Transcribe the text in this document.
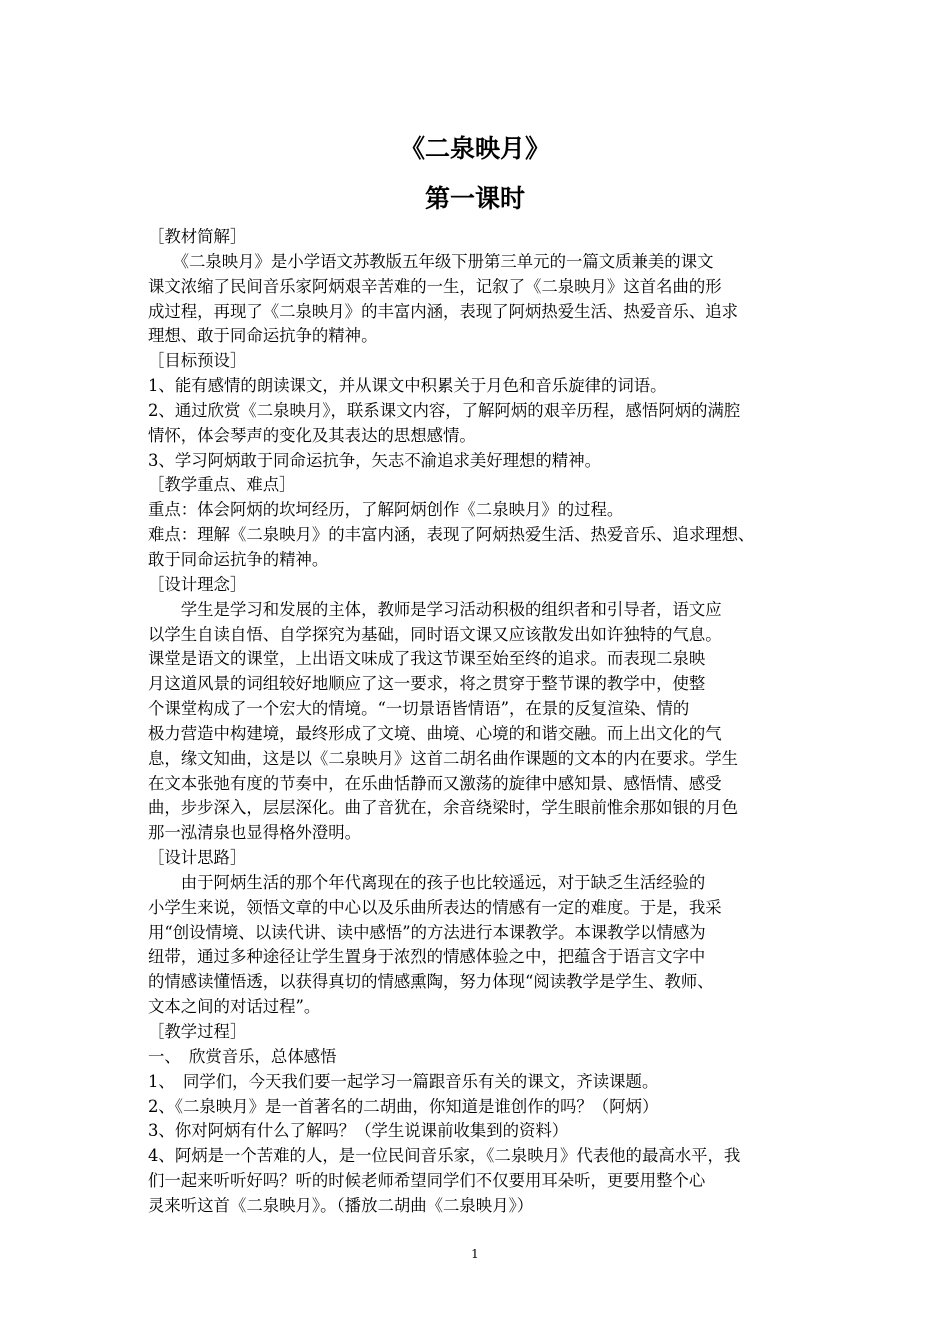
《二泉映月》
第一课时
［教材简解］
　　《二泉映月》是小学语文苏教版五年级下册第三单元的一篇文质兼美的课文
课文浓缩了民间音乐家阿炳艰辛苦难的一生，记叙了《二泉映月》这首名曲的形
成过程，再现了《二泉映月》的丰富内涵，表现了阿炳热爱生活、热爱音乐、追求
理想、敢于同命运抗争的精神。
［目标预设］
1、能有感情的朗读课文，并从课文中积累关于月色和音乐旋律的词语。
2、通过欣赏《二泉映月》，联系课文内容，了解阿炳的艰辛历程，感悟阿炳的满腔
情怀，体会琴声的变化及其表达的思想感情。
3、学习阿炳敢于同命运抗争，矢志不渝追求美好理想的精神。
［教学重点、难点］
重点：体会阿炳的坎坷经历，了解阿炳创作《二泉映月》的过程。
难点：理解《二泉映月》的丰富内涵，表现了阿炳热爱生活、热爱音乐、追求理想、
敢于同命运抗争的精神。
［设计理念］
　　学生是学习和发展的主体，教师是学习活动积极的组织者和引导者，语文应
以学生自读自悟、自学探究为基础，同时语文课又应该散发出如许独特的气息。
课堂是语文的课堂，上出语文味成了我这节课至始至终的追求。而表现二泉映
月这道风景的词组较好地顺应了这一要求，将之贯穿于整节课的教学中，使整
个课堂构成了一个宏大的情境。“一切景语皆情语”，在景的反复渲染、情的
极力营造中构建境，最终形成了文境、曲境、心境的和谐交融。而上出文化的气
息，缘文知曲，这是以《二泉映月》这首二胡名曲作课题的文本的内在要求。学生
在文本张弛有度的节奏中，在乐曲恬静而又激荡的旋律中感知景、感悟情、感受
曲，步步深入，层层深化。曲了音犹在，余音绕梁时，学生眼前惟余那如银的月色
那一泓清泉也显得格外澄明。
［设计思路］
　　由于阿炳生活的那个年代离现在的孩子也比较遥远，对于缺乏生活经验的
小学生来说，领悟文章的中心以及乐曲所表达的情感有一定的难度。于是，我采
用“创设情境、以读代讲、读中感悟”的方法进行本课教学。本课教学以情感为
纽带，通过多种途径让学生置身于浓烈的情感体验之中，把蕴含于语言文字中
的情感读懂悟透，以获得真切的情感熏陶，努力体现“阅读教学是学生、教师、
文本之间的对话过程”。
［教学过程］
一、　欣赏音乐，总体感悟
1、　同学们，今天我们要一起学习一篇跟音乐有关的课文，齐读课题。
2、《二泉映月》是一首著名的二胡曲，你知道是谁创作的吗？（阿炳）
3、你对阿炳有什么了解吗？（学生说课前收集到的资料）
4、阿炳是一个苦难的人，是一位民间音乐家，《二泉映月》代表他的最高水平，我
们一起来听听好吗？听的时候老师希望同学们不仅要用耳朵听，更要用整个心
灵来听这首《二泉映月》。（播放二胡曲《二泉映月》）
1
